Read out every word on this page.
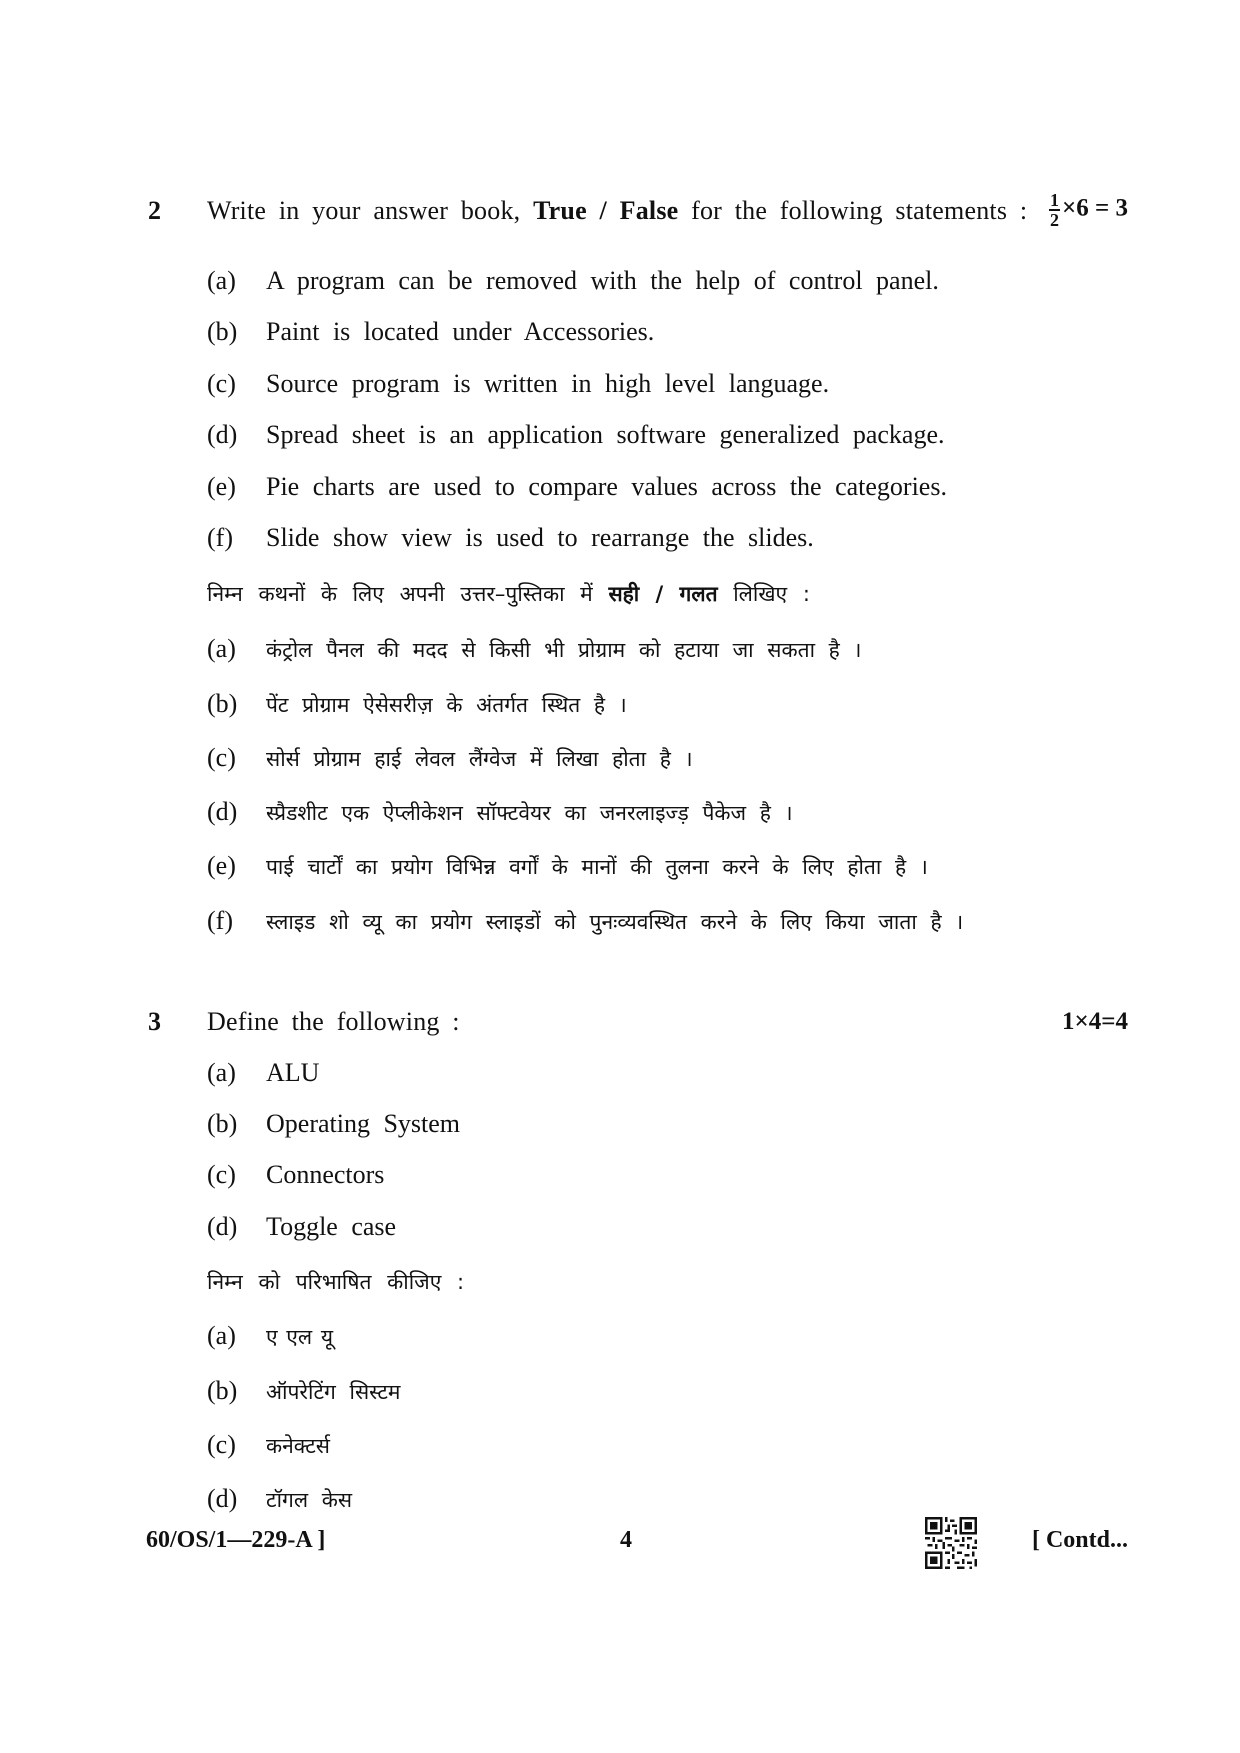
2 Write in your answer book, True / False for the following statements : $\frac{1}{2} \times 6 = 3$
(a) A program can be removed with the help of control panel.
(b) Paint is located under Accessories.
(c) Source program is written in high level language.
(d) Spread sheet is an application software generalized package.
(e) Pie charts are used to compare values across the categories.
(f) Slide show view is used to rearrange the slides.
निम्न कथनों के लिए अपनी उत्तर–पुस्तिका में सही / गलत लिखिए :
(a) कंट्रोल पैनल की मदद से किसी भी प्रोग्राम को हटाया जा सकता है ।
(b) पेंट प्रोग्राम ऐसेसरीज़ के अंतर्गत स्थित है ।
(c) सोर्स प्रोग्राम हाई लेवल लैंग्वेज में लिखा होता है ।
(d) स्प्रैडशीट एक ऐप्लीकेशन सॉफ्टवेयर का जनरलाइज्ड़ पैकेज है ।
(e) पाई चार्टों का प्रयोग विभिन्न वर्गों के मानों की तुलना करने के लिए होता है ।
(f) स्लाइड शो व्यू का प्रयोग स्लाइडों को पुनःव्यवस्थित करने के लिए किया जाता है ।
3 Define the following :	1×4=4
(a) ALU
(b) Operating System
(c) Connectors
(d) Toggle case
निम्न को परिभाषित कीजिए :
(a) ए एल यू
(b) ऑपरेटिंग सिस्टम
(c) कनेक्टर्स
(d) टॉगल केस
60/OS/1—229-A ]	4	[ Contd...
